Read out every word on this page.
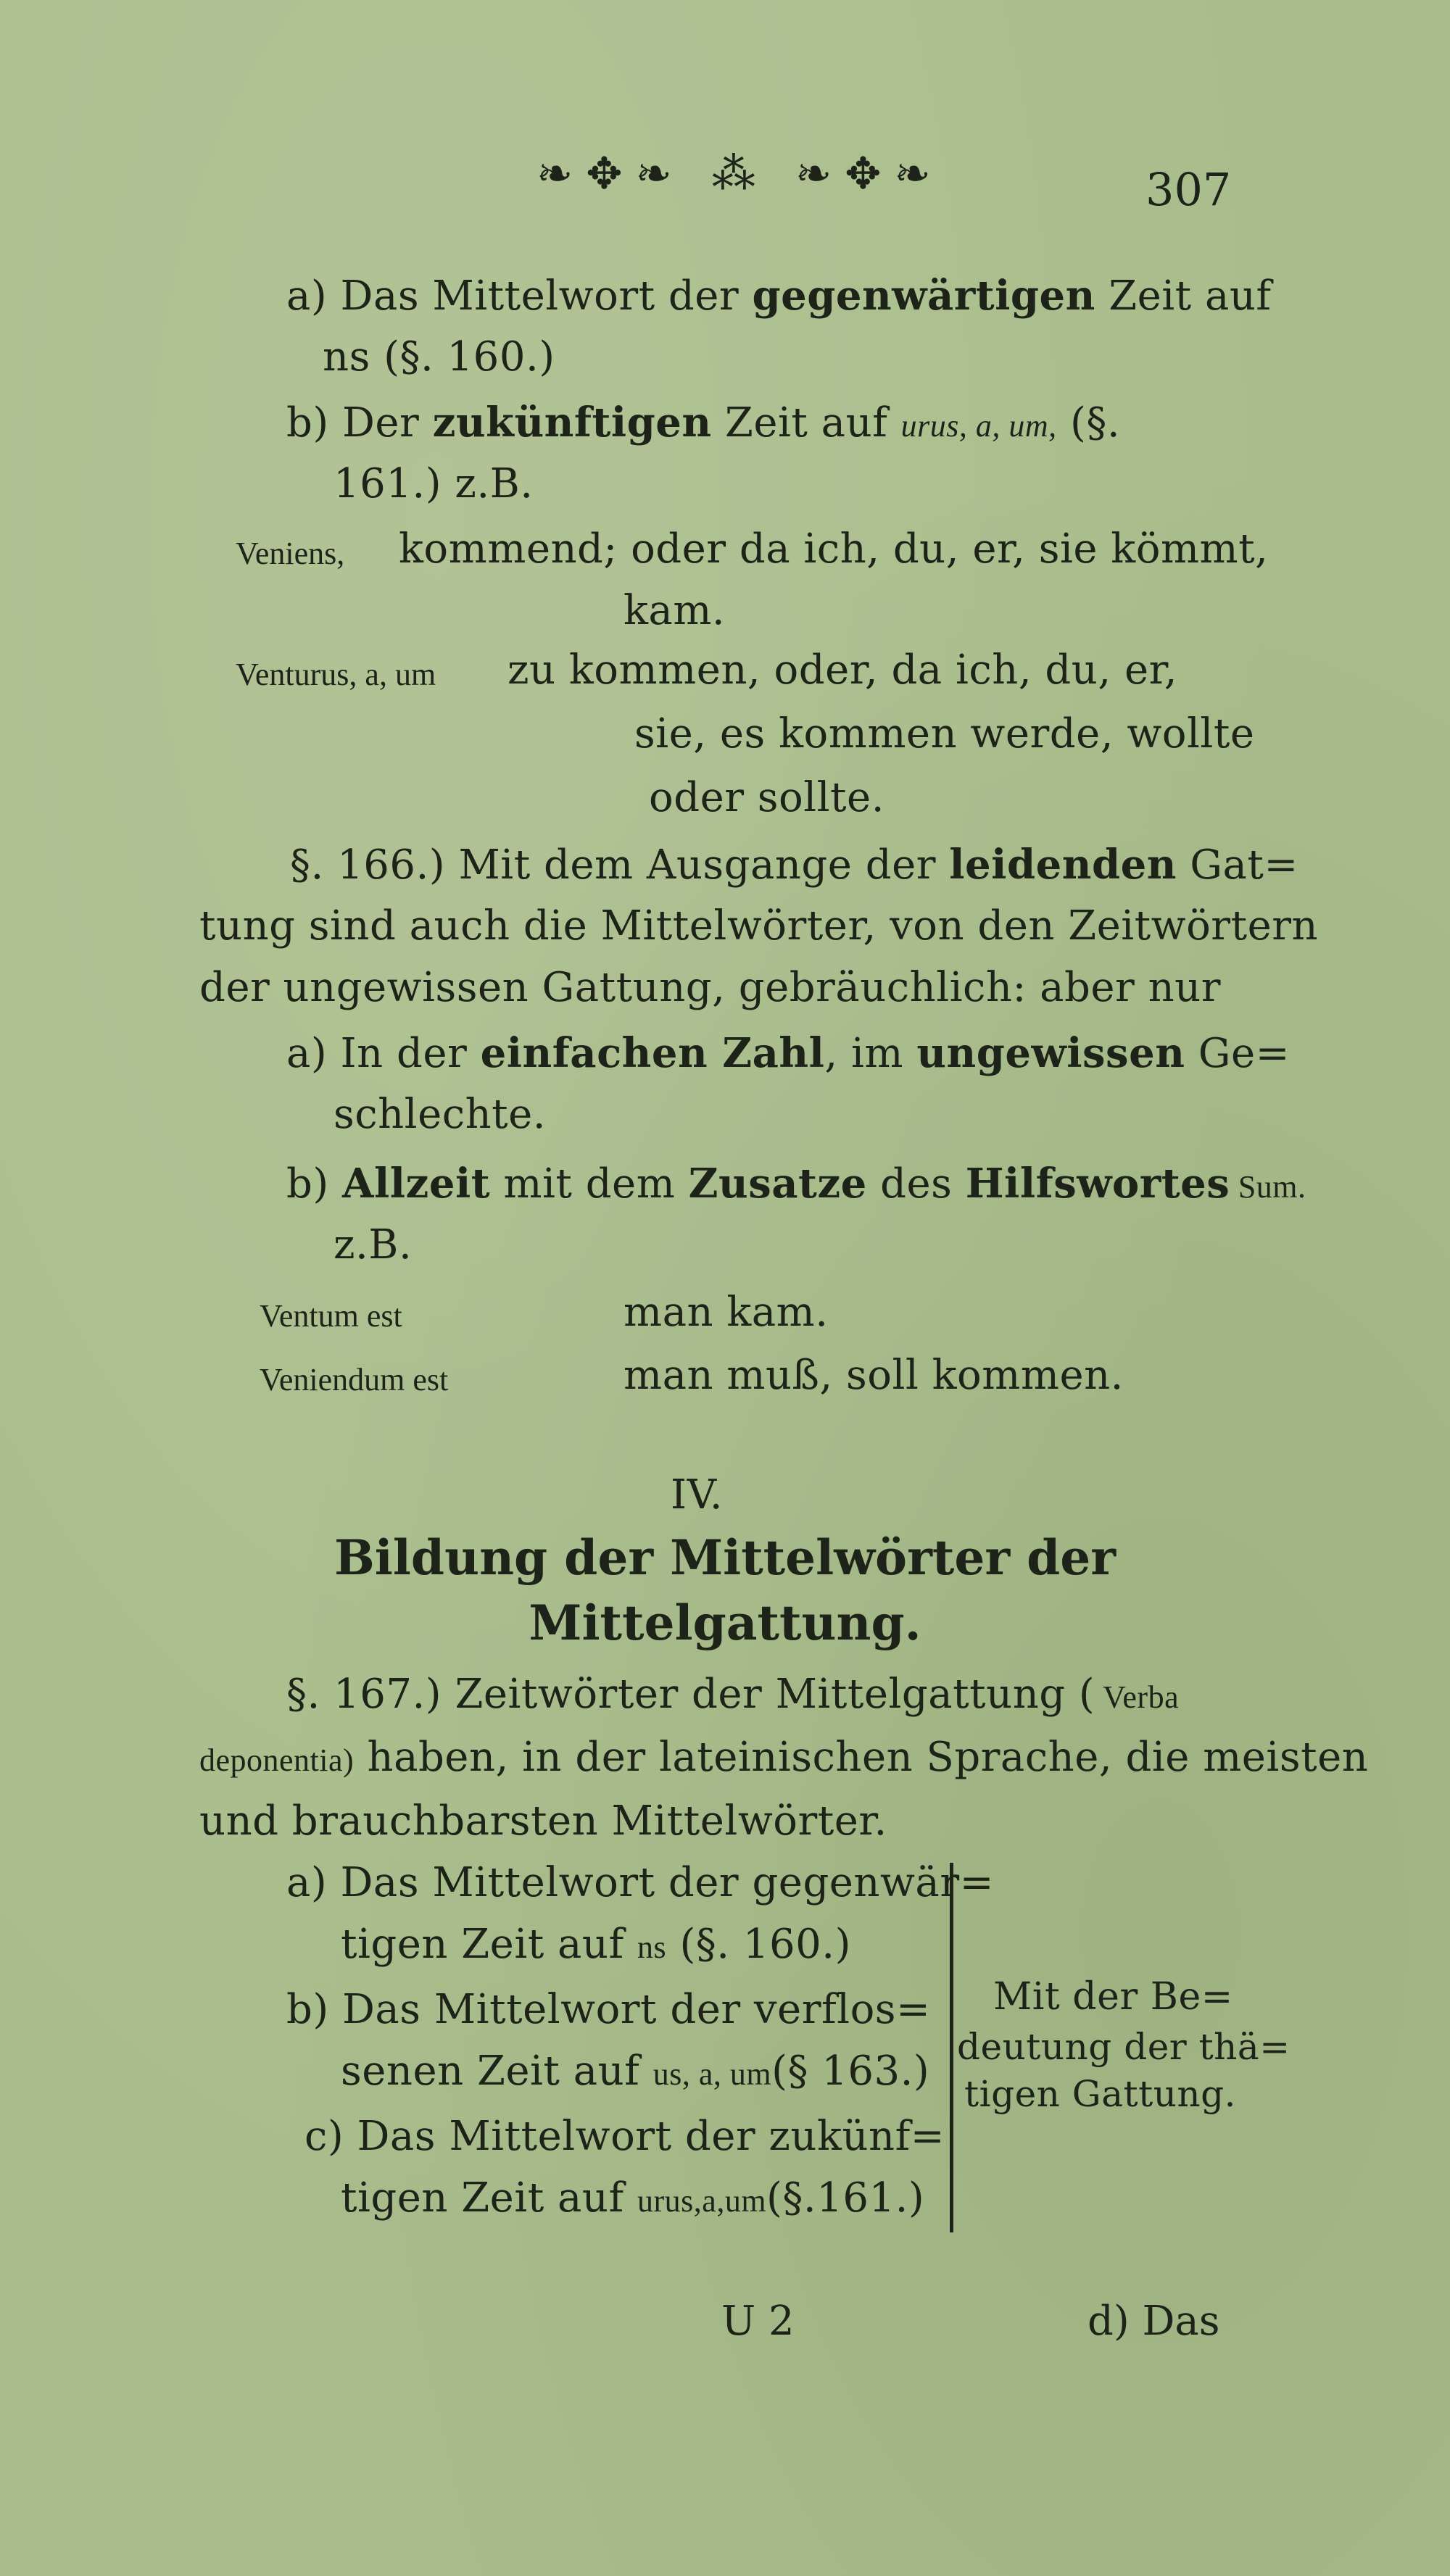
❧✥❧ ⁂ ❧✥❧	307
a) Das Mittelwort der gegenwärtigen Zeit auf
ns (§. 160.)
b) Der zukünftigen Zeit auf urus, a, um, (§.
161.) z.B.
Veniens, kommend; oder da ich, du, er, sie kömmt,
kam.
Venturus, a, um zu kommen, oder, da ich, du, er,
sie, es kommen werde, wollte
oder sollte.
§. 166.) Mit dem Ausgange der leidenden Gat=
tung sind auch die Mittelwörter, von den Zeitwörtern
der ungewissen Gattung, gebräuchlich: aber nur
a) In der einfachen Zahl, im ungewissen Ge=
schlechte.
b) Allzeit mit dem Zusatze des Hilfswortes Sum.
z.B.
Ventum est	man kam.
Veniendum est	man muß, soll kommen.
IV.
Bildung der Mittelwörter der
Mittelgattung.
§. 167.) Zeitwörter der Mittelgattung ( Verba
deponentia) haben, in der lateinischen Sprache, die meisten
und brauchbarsten Mittelwörter.
a) Das Mittelwort der gegenwär=
tigen Zeit auf ns (§. 160.)
b) Das Mittelwort der verflos=
senen Zeit auf us, a, um(§ 163.)
c) Das Mittelwort der zukünf=
tigen Zeit auf urus,a,um(§.161.)
Mit der Be=
deutung der thä=
tigen Gattung.
U 2	d) Das
